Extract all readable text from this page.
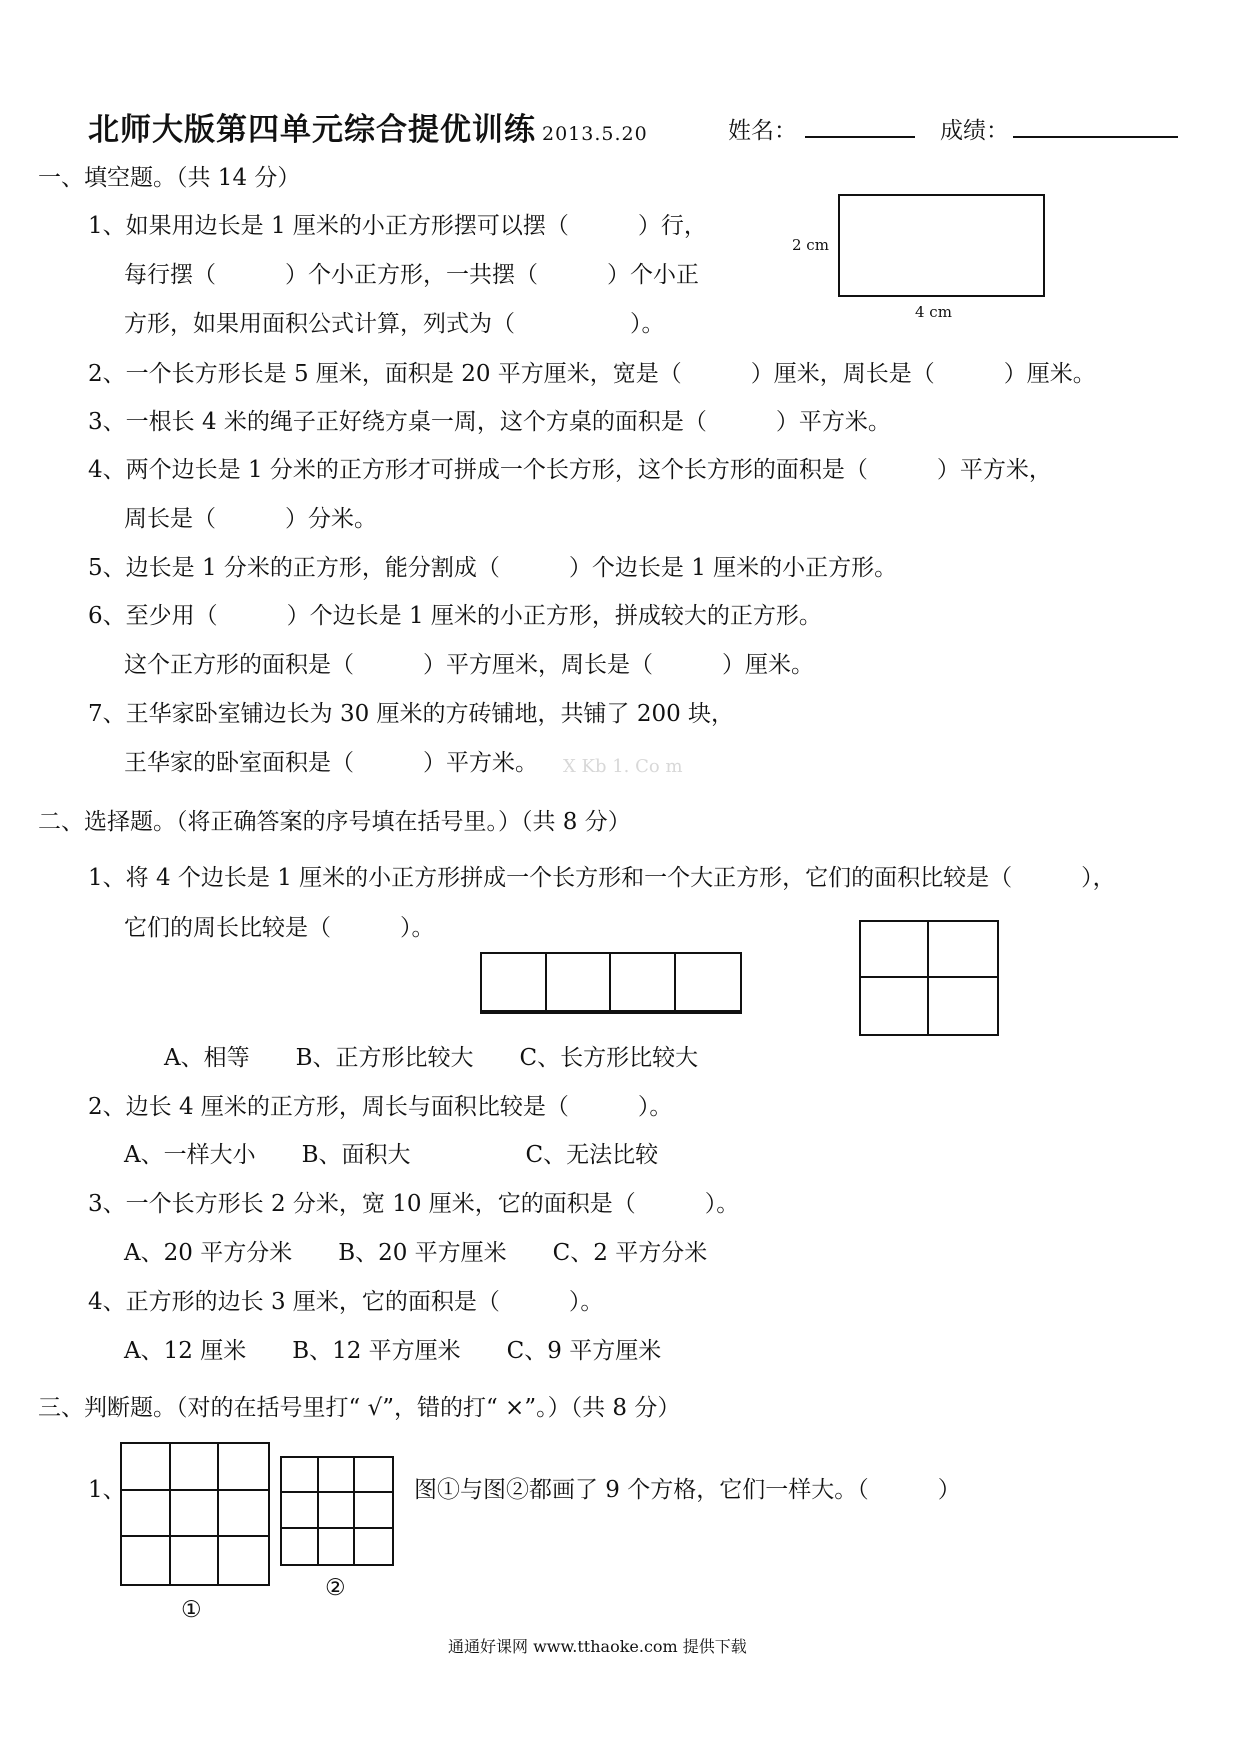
北师大版第四单元综合提优训练 2013.5.20	姓名：	成绩：
一、填空题。（共 14 分）
1、如果用边长是 1 厘米的小正方形摆可以摆（　　　）行，
每行摆（　　　）个小正方形，一共摆（　　　）个小正
方形，如果用面积公式计算，列式为（　　　　　）。
2 cm
4 cm
2、一个长方形长是 5 厘米，面积是 20 平方厘米，宽是（　　　）厘米，周长是（　　　）厘米。
3、一根长 4 米的绳子正好绕方桌一周，这个方桌的面积是（　　　）平方米。
4、两个边长是 1 分米的正方形才可拼成一个长方形，这个长方形的面积是（　　　）平方米，
周长是（　　　）分米。
5、边长是 1 分米的正方形，能分割成（　　　）个边长是 1 厘米的小正方形。
6、至少用（　　　）个边长是 1 厘米的小正方形，拼成较大的正方形。
这个正方形的面积是（　　　）平方厘米，周长是（　　　）厘米。
7、王华家卧室铺边长为 30 厘米的方砖铺地，共铺了 200 块，
王华家的卧室面积是（　　　）平方米。 X Kb 1. Co m
二、选择题。（将正确答案的序号填在括号里。）（共 8 分）
1、将 4 个边长是 1 厘米的小正方形拼成一个长方形和一个大正方形，它们的面积比较是（　　　），
它们的周长比较是（　　　）。
A、相等　　B、正方形比较大　　C、长方形比较大
2、边长 4 厘米的正方形，周长与面积比较是（　　　）。
A、一样大小　　B、面积大　　　　　C、无法比较
3、一个长方形长 2 分米，宽 10 厘米，它的面积是（　　　）。
A、20 平方分米　　B、20 平方厘米　　C、2 平方分米
4、正方形的边长 3 厘米，它的面积是（　　　）。
A、12 厘米　　B、12 平方厘米　　C、9 平方厘米
三、判断题。（对的在括号里打“ √”，错的打“ ×”。）（共 8 分）
1、
①
②
图①与图②都画了 9 个方格，它们一样大。（　　　）
通通好课网 www.tthaoke.com 提供下载
